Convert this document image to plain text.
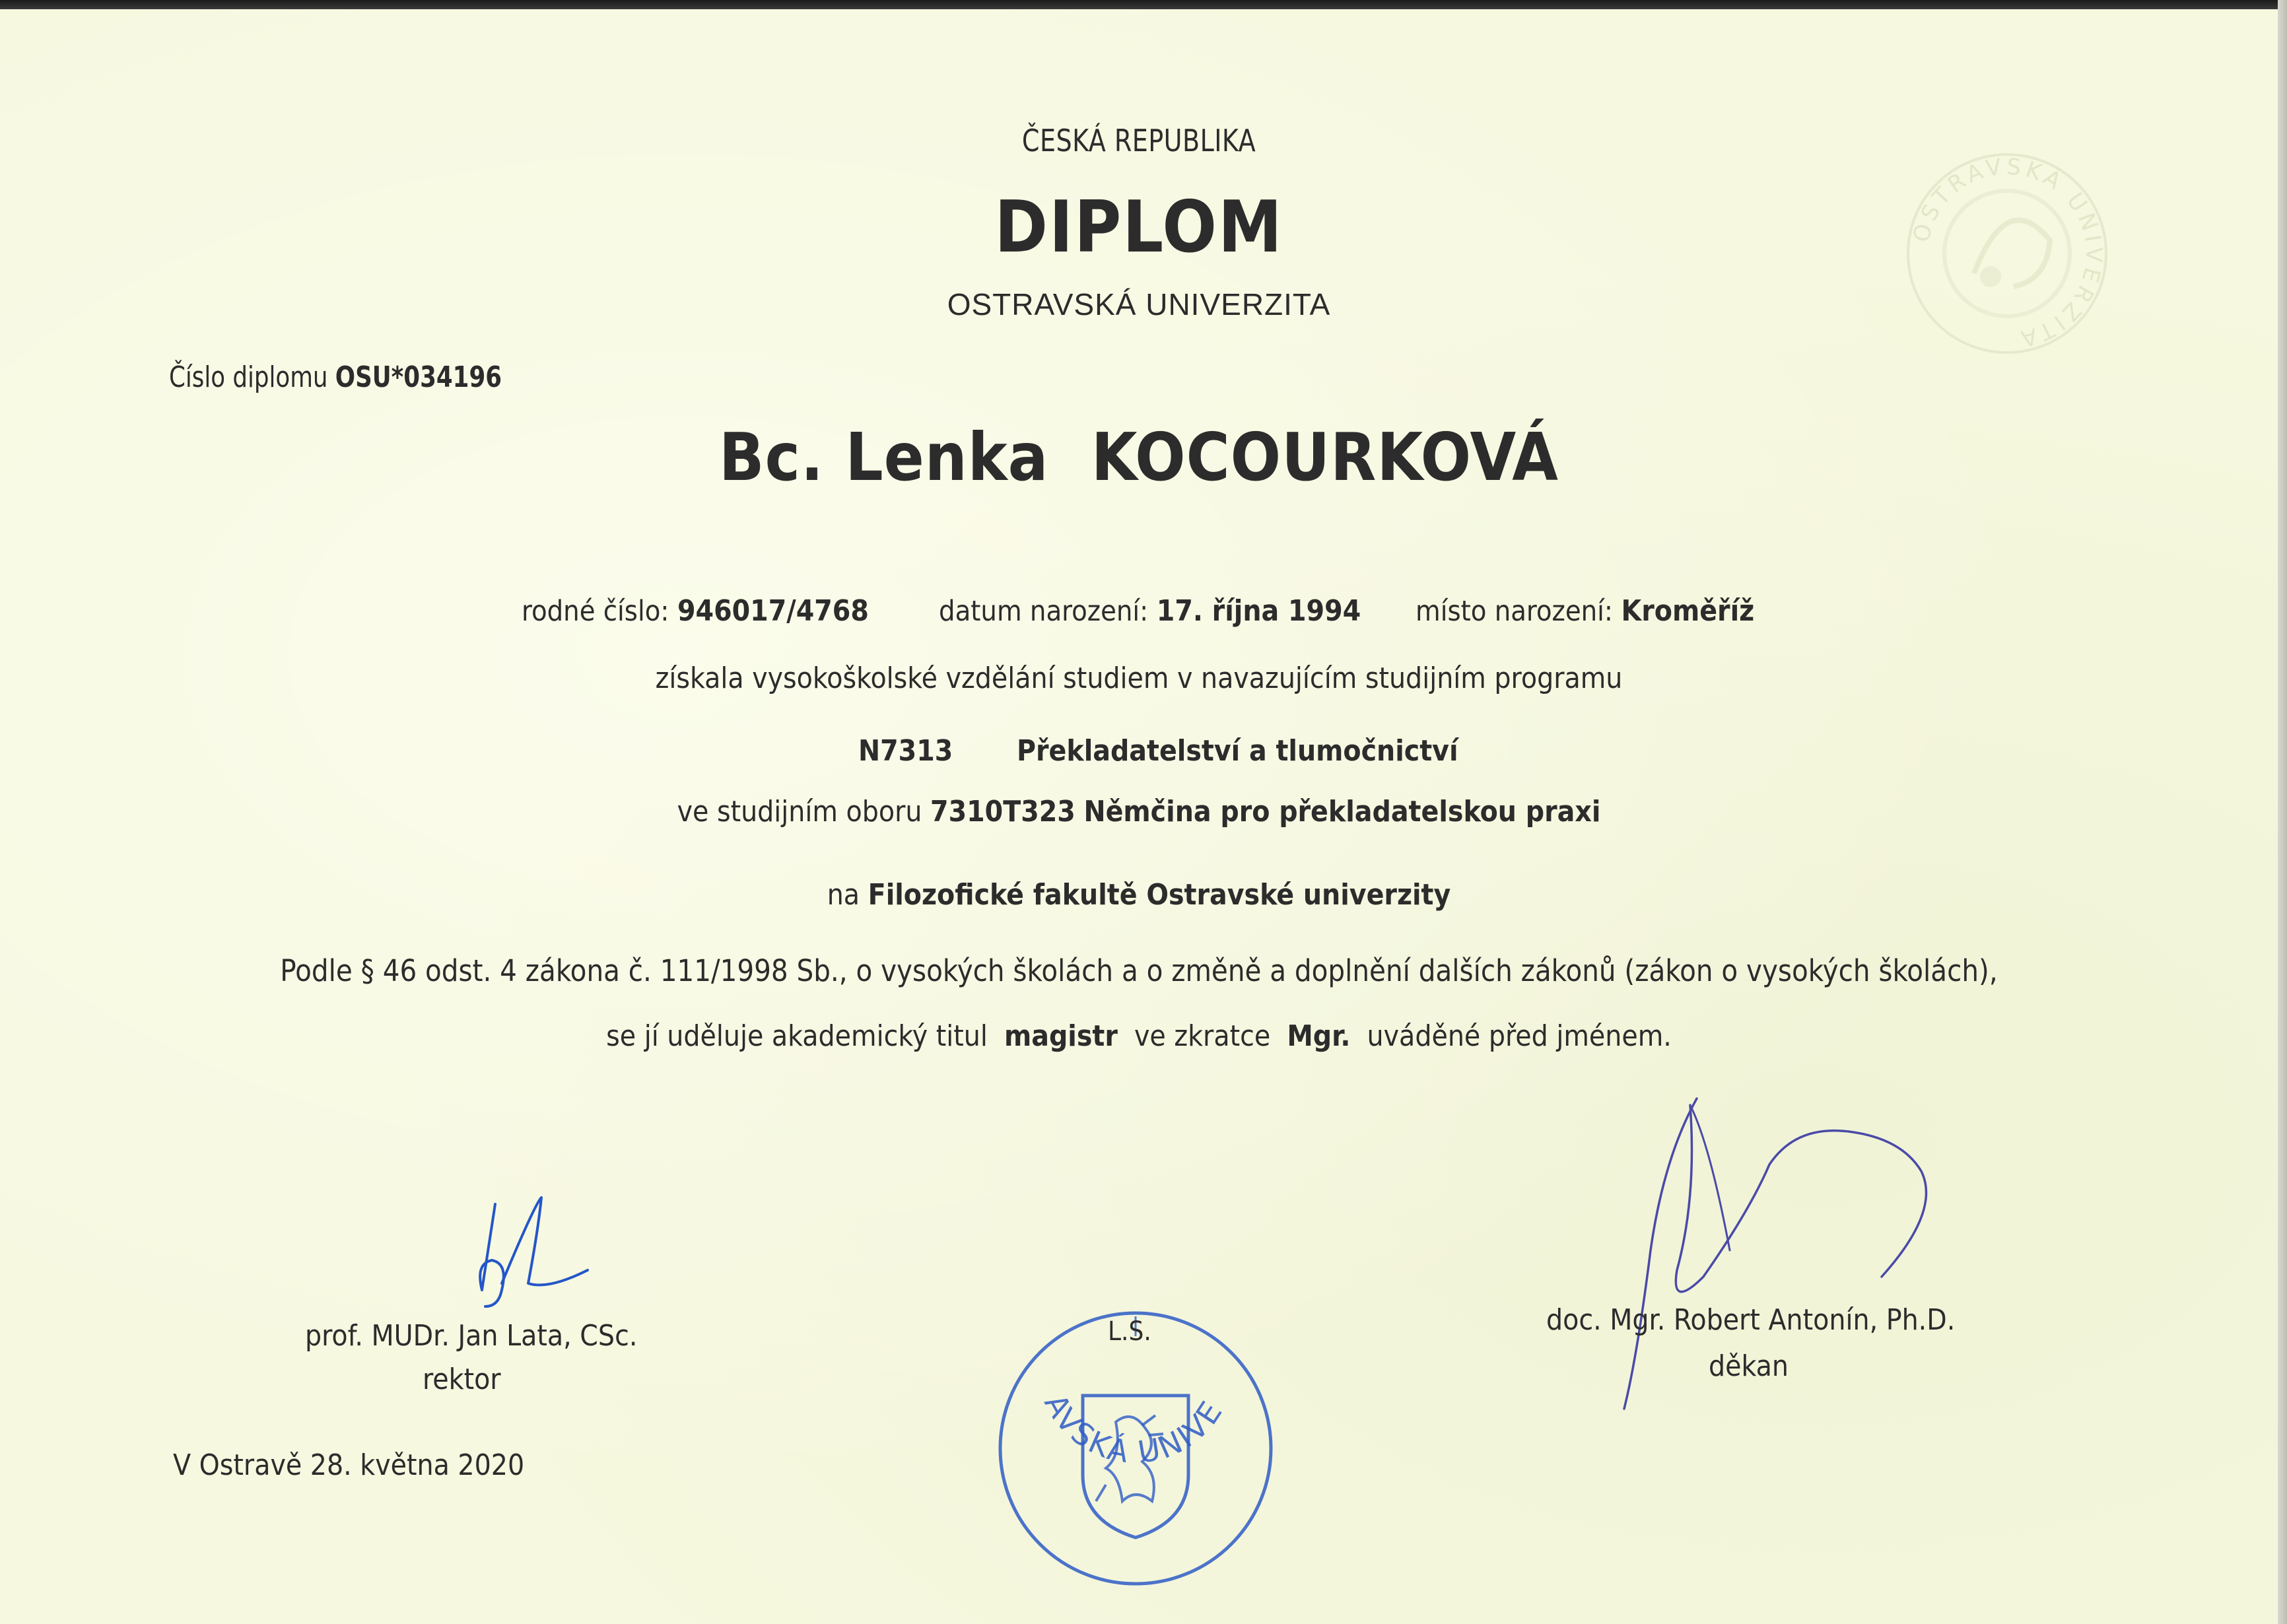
OSTRAVSKÁ UNIVERZITA
ČESKÁ REPUBLIKA
DIPLOM
OSTRAVSKÁ UNIVERZITA
Číslo diplomu OSU*034196
Bc. Lenka  KOCOURKOVÁ
rodné číslo: 946017/4768 datum narození: 17. října 1994 místo narození: Kroměříž
získala vysokoškolské vzdělání studiem v navazujícím studijním programu
N7313 Překladatelství a tlumočnictví
ve studijním oboru 7310T323 Němčina pro překladatelskou praxi
na Filozofické fakultě Ostravské univerzity
Podle § 46 odst. 4 zákona č. 111/1998 Sb., o vysokých školách a o změně a doplnění dalších zákonů (zákon o vysokých školách),
se jí uděluje akademický titul magistr ve zkratce Mgr. uváděné před jménem.
prof. MUDr. Jan Lata, CSc.
rektor
V Ostravě 28. května 2020
doc. Mgr. Robert Antonín, Ph.D.
děkan
OSTRAVSKÁ UNIVERZITA
L.S.
